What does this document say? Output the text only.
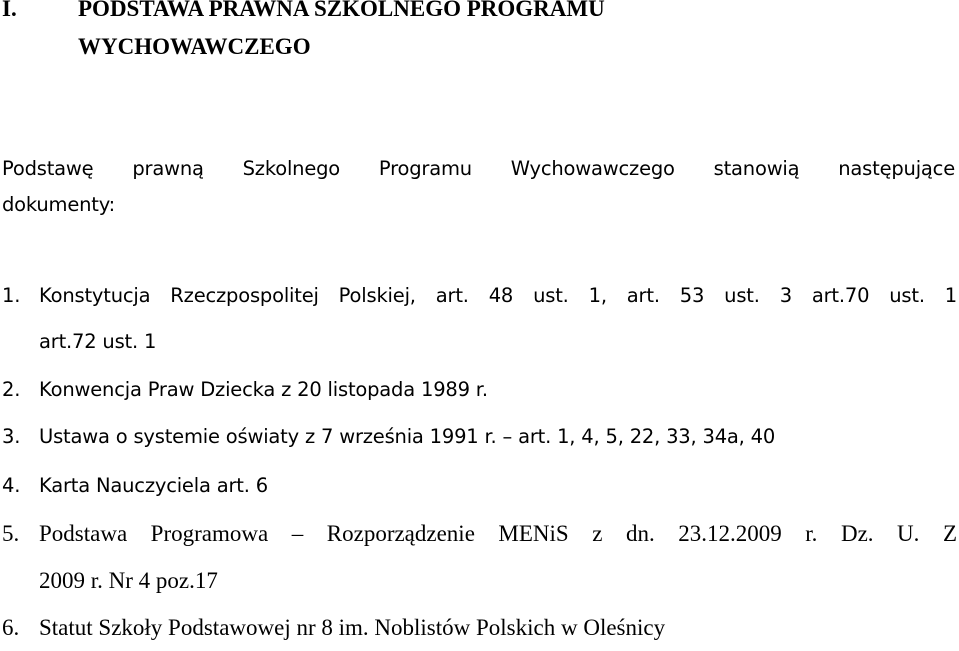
I.	PODSTAWA PRAWNA SZKOLNEGO PROGRAMU
WYCHOWAWCZEGO
Podstawę prawną Szkolnego Programu Wychowawczego stanowią następujące
dokumenty:
1. Konstytucja Rzeczpospolitej Polskiej, art. 48 ust. 1, art. 53 ust. 3 art.70 ust. 1
art.72 ust. 1
2. Konwencja Praw Dziecka z 20 listopada 1989 r.
3. Ustawa o systemie oświaty z 7 września 1991 r. – art. 1, 4, 5, 22, 33, 34a, 40
4. Karta Nauczyciela art. 6
5. Podstawa Programowa – Rozporządzenie MENiS z dn. 23.12.2009 r. Dz. U. Z
2009 r. Nr 4 poz.17
6. Statut Szkoły Podstawowej nr 8 im. Noblistów Polskich w Oleśnicy
